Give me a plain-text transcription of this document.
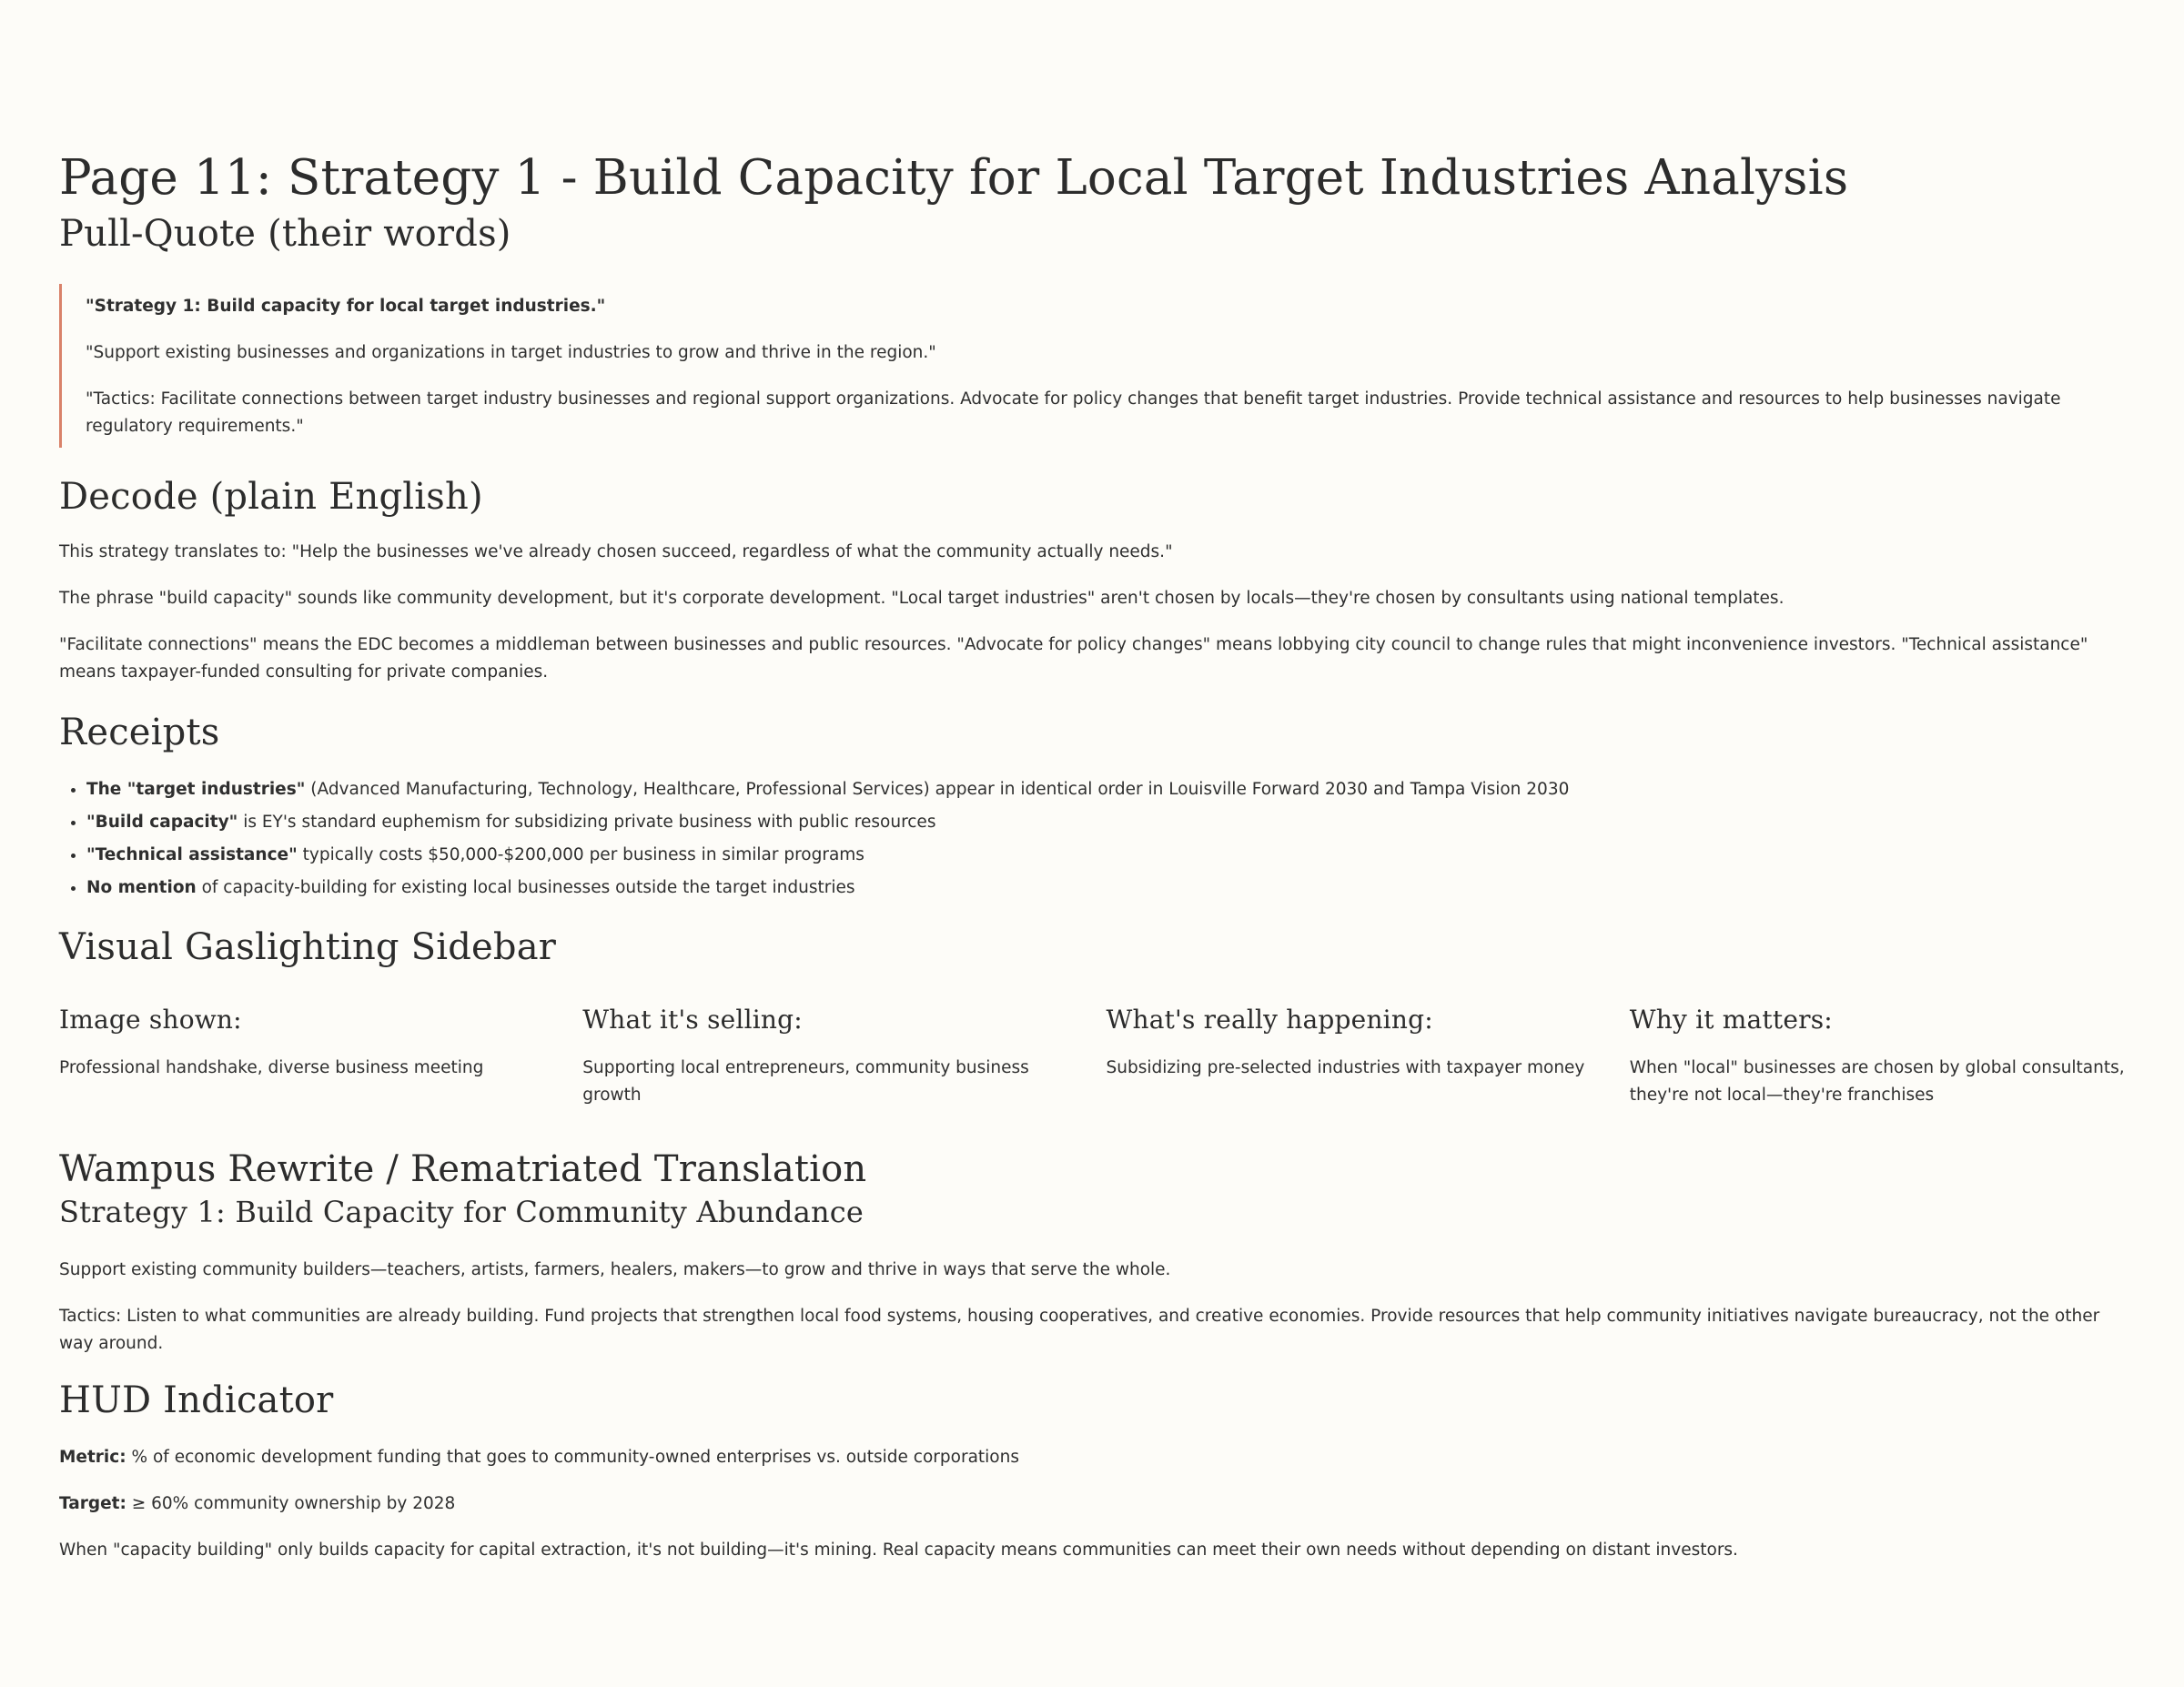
Page 11: Strategy 1 - Build Capacity for Local Target Industries Analysis
Pull-Quote (their words)

"Strategy 1: Build capacity for local target industries."

"Support existing businesses and organizations in target industries to grow and thrive in the region."

"Tactics: Facilitate connections between target industry businesses and regional support organizations. Advocate for policy changes that benefit target industries. Provide technical assistance and resources to help businesses navigate regulatory requirements."

Decode (plain English)

This strategy translates to: "Help the businesses we've already chosen succeed, regardless of what the community actually needs."

The phrase "build capacity" sounds like community development, but it's corporate development. "Local target industries" aren't chosen by locals—they're chosen by consultants using national templates.

"Facilitate connections" means the EDC becomes a middleman between businesses and public resources. "Advocate for policy changes" means lobbying city council to change rules that might inconvenience investors. "Technical assistance" means taxpayer-funded consulting for private companies.

Receipts
• The "target industries" (Advanced Manufacturing, Technology, Healthcare, Professional Services) appear in identical order in Louisville Forward 2030 and Tampa Vision 2030
• "Build capacity" is EY's standard euphemism for subsidizing private business with public resources
• "Technical assistance" typically costs $50,000-$200,000 per business in similar programs
• No mention of capacity-building for existing local businesses outside the target industries
Visual Gaslighting Sidebar
Image shown:

Professional handshake, diverse business meeting

What it's selling:

Supporting local entrepreneurs, community business growth

What's really happening:

Subsidizing pre-selected industries with taxpayer money

Why it matters:

When "local" businesses are chosen by global consultants, they're not local—they're franchises

Wampus Rewrite / Rematriated Translation
Strategy 1: Build Capacity for Community Abundance

Support existing community builders—teachers, artists, farmers, healers, makers—to grow and thrive in ways that serve the whole.

Tactics: Listen to what communities are already building. Fund projects that strengthen local food systems, housing cooperatives, and creative economies. Provide resources that help community initiatives navigate bureaucracy, not the other way around.

HUD Indicator

Metric: % of economic development funding that goes to community-owned enterprises vs. outside corporations

Target: ≥ 60% community ownership by 2028

When "capacity building" only builds capacity for capital extraction, it's not building—it's mining. Real capacity means communities can meet their own needs without depending on distant investors.
